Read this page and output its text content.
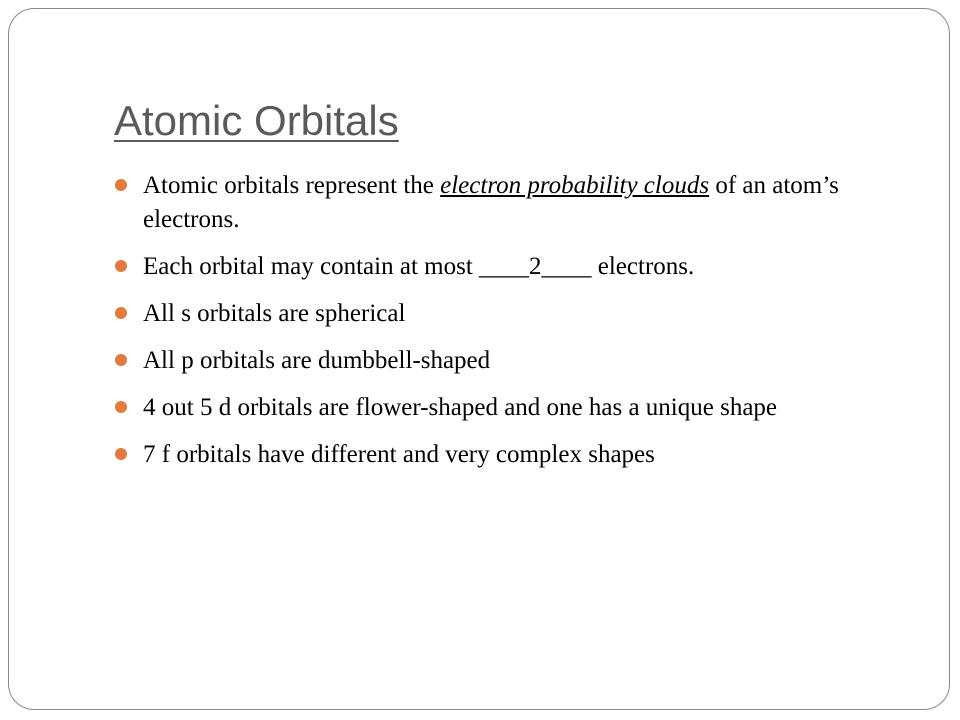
Atomic Orbitals
Atomic orbitals represent the electron probability clouds of an atom’s electrons.
Each orbital may contain at most ____2____ electrons.
All s orbitals are spherical
All p orbitals are dumbbell-shaped
4 out 5 d orbitals are flower-shaped and one has a unique shape
7 f orbitals have different and very complex shapes
